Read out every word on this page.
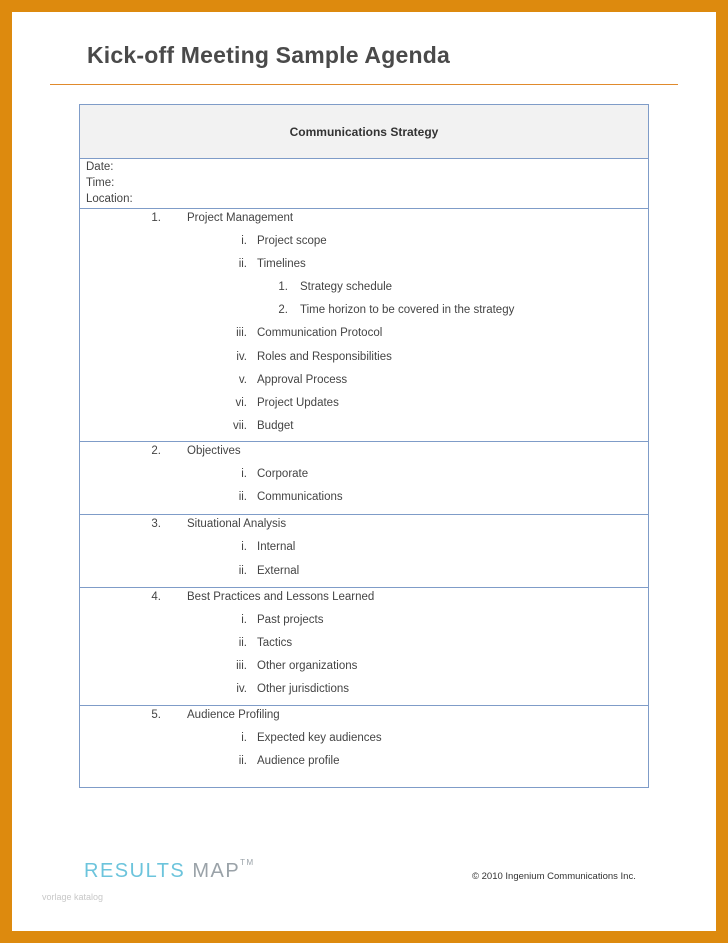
Kick-off Meeting Sample Agenda
Communications Strategy
Date:
Time:
Location:
1. Project Management
i. Project scope
ii. Timelines
1. Strategy schedule
2. Time horizon to be covered in the strategy
iii. Communication Protocol
iv. Roles and Responsibilities
v. Approval Process
vi. Project Updates
vii. Budget
2. Objectives
i. Corporate
ii. Communications
3. Situational Analysis
i. Internal
ii. External
4. Best Practices and Lessons Learned
i. Past projects
ii. Tactics
iii. Other organizations
iv. Other jurisdictions
5. Audience Profiling
i. Expected key audiences
ii. Audience profile
RESULTS MAP™
© 2010 Ingenium Communications Inc.
vorlage katalog
